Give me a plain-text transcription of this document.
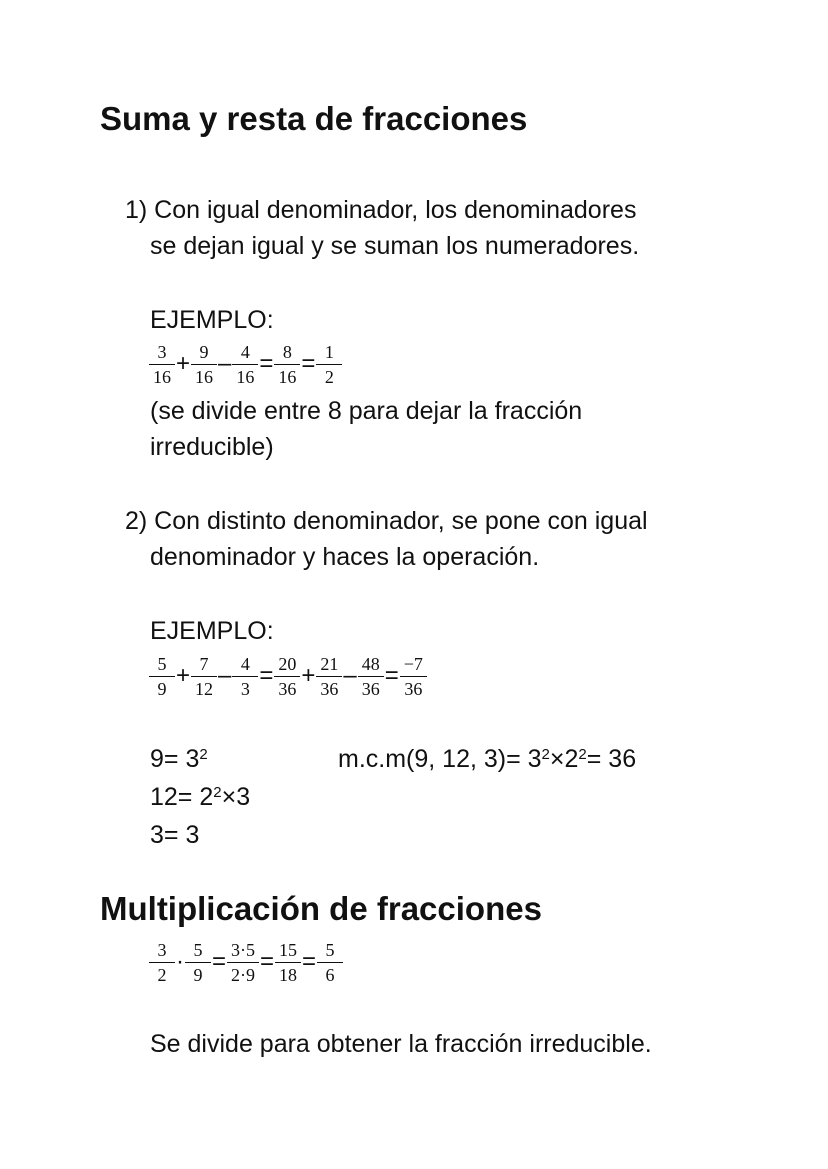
Suma y resta de fracciones
1) Con igual denominador, los denominadores
se dejan igual y se suman los numeradores.
EJEMPLO:
$\frac{3}{16} + \frac{9}{16} - \frac{4}{16} = \frac{8}{16} = \frac{1}{2}$
(se divide entre 8 para dejar la fracción
irreducible)
2) Con distinto denominador, se pone con igual
denominador y haces la operación.
EJEMPLO:
$\frac{5}{9} + \frac{7}{12} - \frac{4}{3} = \frac{20}{36} + \frac{21}{36} - \frac{48}{36} = \frac{-7}{36}$
$9= 3^2$
$12= 2^2\times 3$
3= 3
m.c.m(9, 12, $3)= 3^2\times 2^2= 36$
Multiplicación de fracciones
$\frac{3}{2} \cdot \frac{5}{9} = \frac{3\cdot 5}{2\cdot 9} = \frac{15}{18} = \frac{5}{6}$
Se divide para obtener la fracción irreducible.
